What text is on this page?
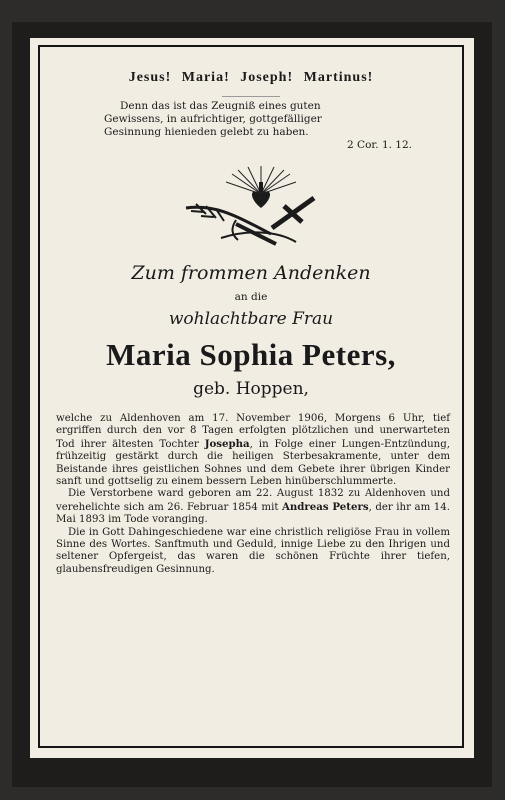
Jesus! Maria! Joseph! Martinus!
Denn das ist das Zeugniß eines guten
Gewissens, in aufrichtiger, gottgefälliger
Gesinnung hienieden gelebt zu haben.
2 Cor. 1. 12.
Zum frommen Andenken
an die
wohlachtbare Frau
Maria Sophia Peters,
geb. Hoppen,

welche zu Aldenhoven am 17. November 1906, Morgens 6 Uhr, tief ergriffen durch den vor 8 Tagen erfolgten plötzlichen und unerwarteten Tod ihrer ältesten Tochter Josepha, in Folge einer Lungen-Entzündung, frühzeitig gestärkt durch die heiligen Sterbesakramente, unter dem Beistande ihres geistlichen Sohnes und dem Gebete ihrer übrigen Kinder sanft und gottselig zu einem bessern Leben hinüberschlummerte.

Die Verstorbene ward geboren am 22. August 1832 zu Aldenhoven und verehelichte sich am 26. Februar 1854 mit Andreas Peters, der ihr am 14. Mai 1893 im Tode voranging.

Die in Gott Dahingeschiedene war eine christlich religiöse Frau in vollem Sinne des Wortes. Sanftmuth und Geduld, innige Liebe zu den Ihrigen und seltener Opfergeist, das waren die schönen Früchte ihrer tiefen, glaubensfreudigen Gesinnung.
